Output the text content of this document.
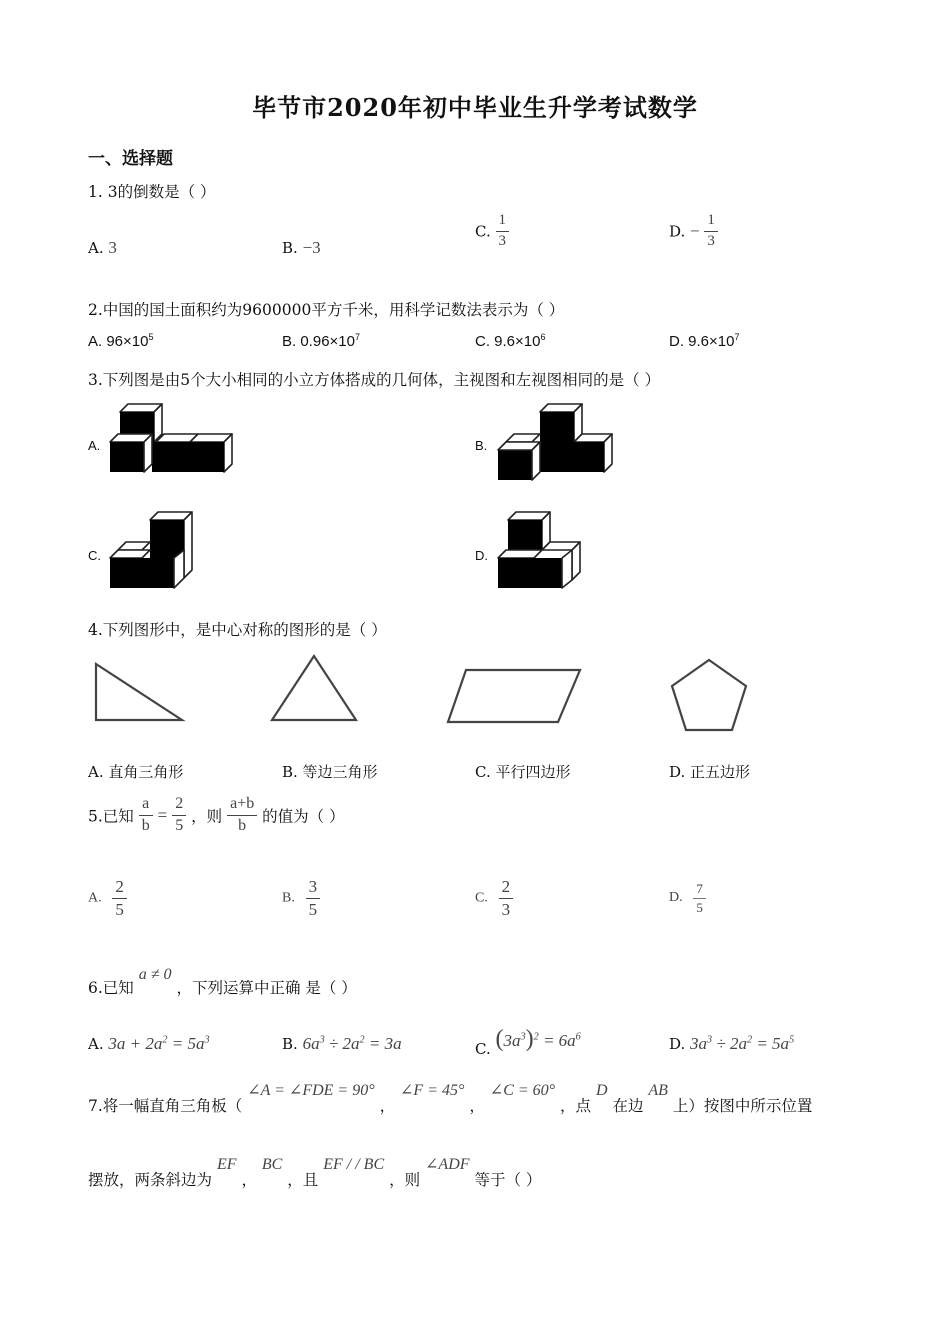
毕节市2020年初中毕业生升学考试数学
一、选择题
1. 3的倒数是（ ）
A. 3	B. −3
C. $\frac{1}{3}$	D. − $\frac{1}{3}$
2.中国的国土面积约为9600000平方千米，用科学记数法表示为（ ）
A. $96\times 10^5$	B. $0.96\times 10^7$	C. $9.6\times 10^6$	D. $9.6\times 10^7$
3.下列图是由5个大小相同的小立方体搭成的几何体，主视图和左视图相同的是（ ）
A.	B.
C.	D.
4.下列图形中，是中心对称的图形的是（ ）
A. 直角三角形	B. 等边三角形	C. 平行四边形	D. 正五边形
5.已知 $\frac{a}{b} = \frac{2}{5}$ ，则 $\frac{a+b}{b}$ 的值为（ ）
A. $\frac{2}{5}$	B. $\frac{3}{5}$	C. $\frac{2}{3}$	D. $\frac{7}{5}$
6.已知 a ≠ 0 ，下列运算中正确 是（ ）
A. $3a + 2a^2 = 5a^3$	B. $6a^3 \div 2a^2 = 3a$	C. $(3a^3)^2 = 6a^6$	D. $3a^3 \div 2a^2 = 5a^5$
7.将一幅直角三角板（ ∠A = ∠FDE = 90° ， ∠F = 45° ， ∠C = 60° ，点 D 在边 AB 上）按图中所示位置
摆放，两条斜边为 EF ， BC ，且 EF / / BC ，则 ∠ADF 等于（ ）
